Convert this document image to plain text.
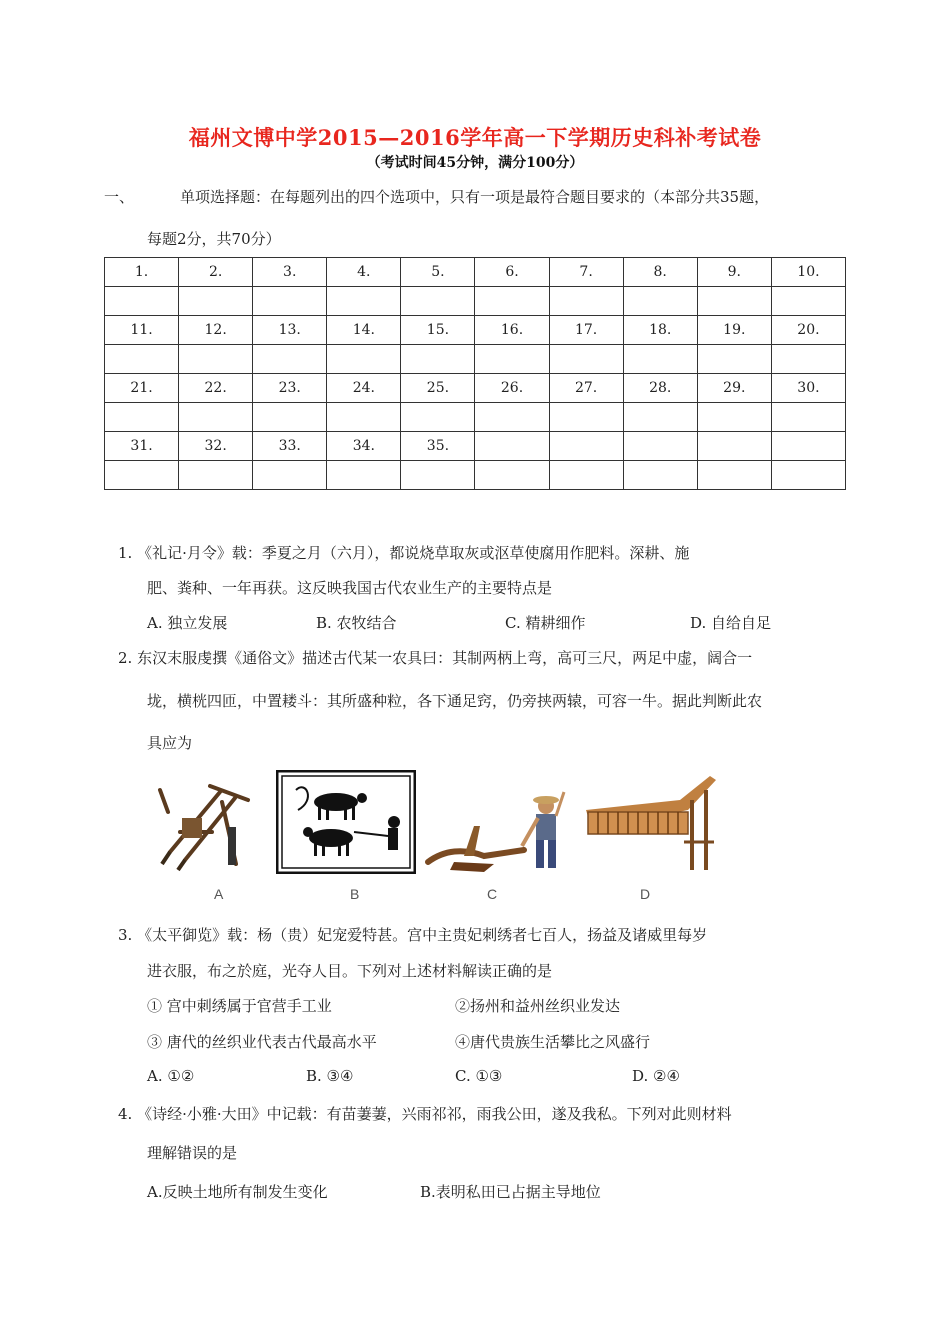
福州文博中学2015—2016学年高一下学期历史科补考试卷
（考试时间45分钟，满分100分）
一、	单项选择题：在每题列出的四个选项中，只有一项是最符合题目要求的（本部分共35题，
每题2分，共70分）
1.	2.	3.	4.	5.	6.	7.	8.	9.	10.

11.	12.	13.	14.	15.	16.	17.	18.	19.	20.

21.	22.	23.	24.	25.	26.	27.	28.	29.	30.

31.	32.	33.	34.	35.					

1. 《礼记·月令》载：季夏之月（六月），都说烧草取灰或沤草使腐用作肥料。深耕、施
肥、粪种、一年再获。这反映我国古代农业生产的主要特点是
A. 独立发展	B. 农牧结合	C. 精耕细作	D. 自给自足
2. 东汉末服虔撰《通俗文》描述古代某一农具曰：其制两柄上弯，高可三尺，两足中虚，阔合一
垅，横桄四匝，中置耧斗：其所盛种粒，各下通足窍，仍旁挟两辕，可容一牛。据此判断此农
具应为
A	B	C	D
3. 《太平御览》载：杨（贵）妃宠爱特甚。宫中主贵妃刺绣者七百人，扬益及诸威里每岁
进衣服，布之於庭，光夺人目。下列对上述材料解读正确的是
① 宫中刺绣属于官营手工业	②扬州和益州丝织业发达
③ 唐代的丝织业代表古代最高水平	④唐代贵族生活攀比之风盛行
A. ①②	B. ③④	C. ①③	D. ②④
4. 《诗经·小雅·大田》中记载：有苗萋萋，兴雨祁祁，雨我公田，遂及我私。下列对此则材料
理解错误的是
A.反映土地所有制发生变化	B.表明私田已占据主导地位
